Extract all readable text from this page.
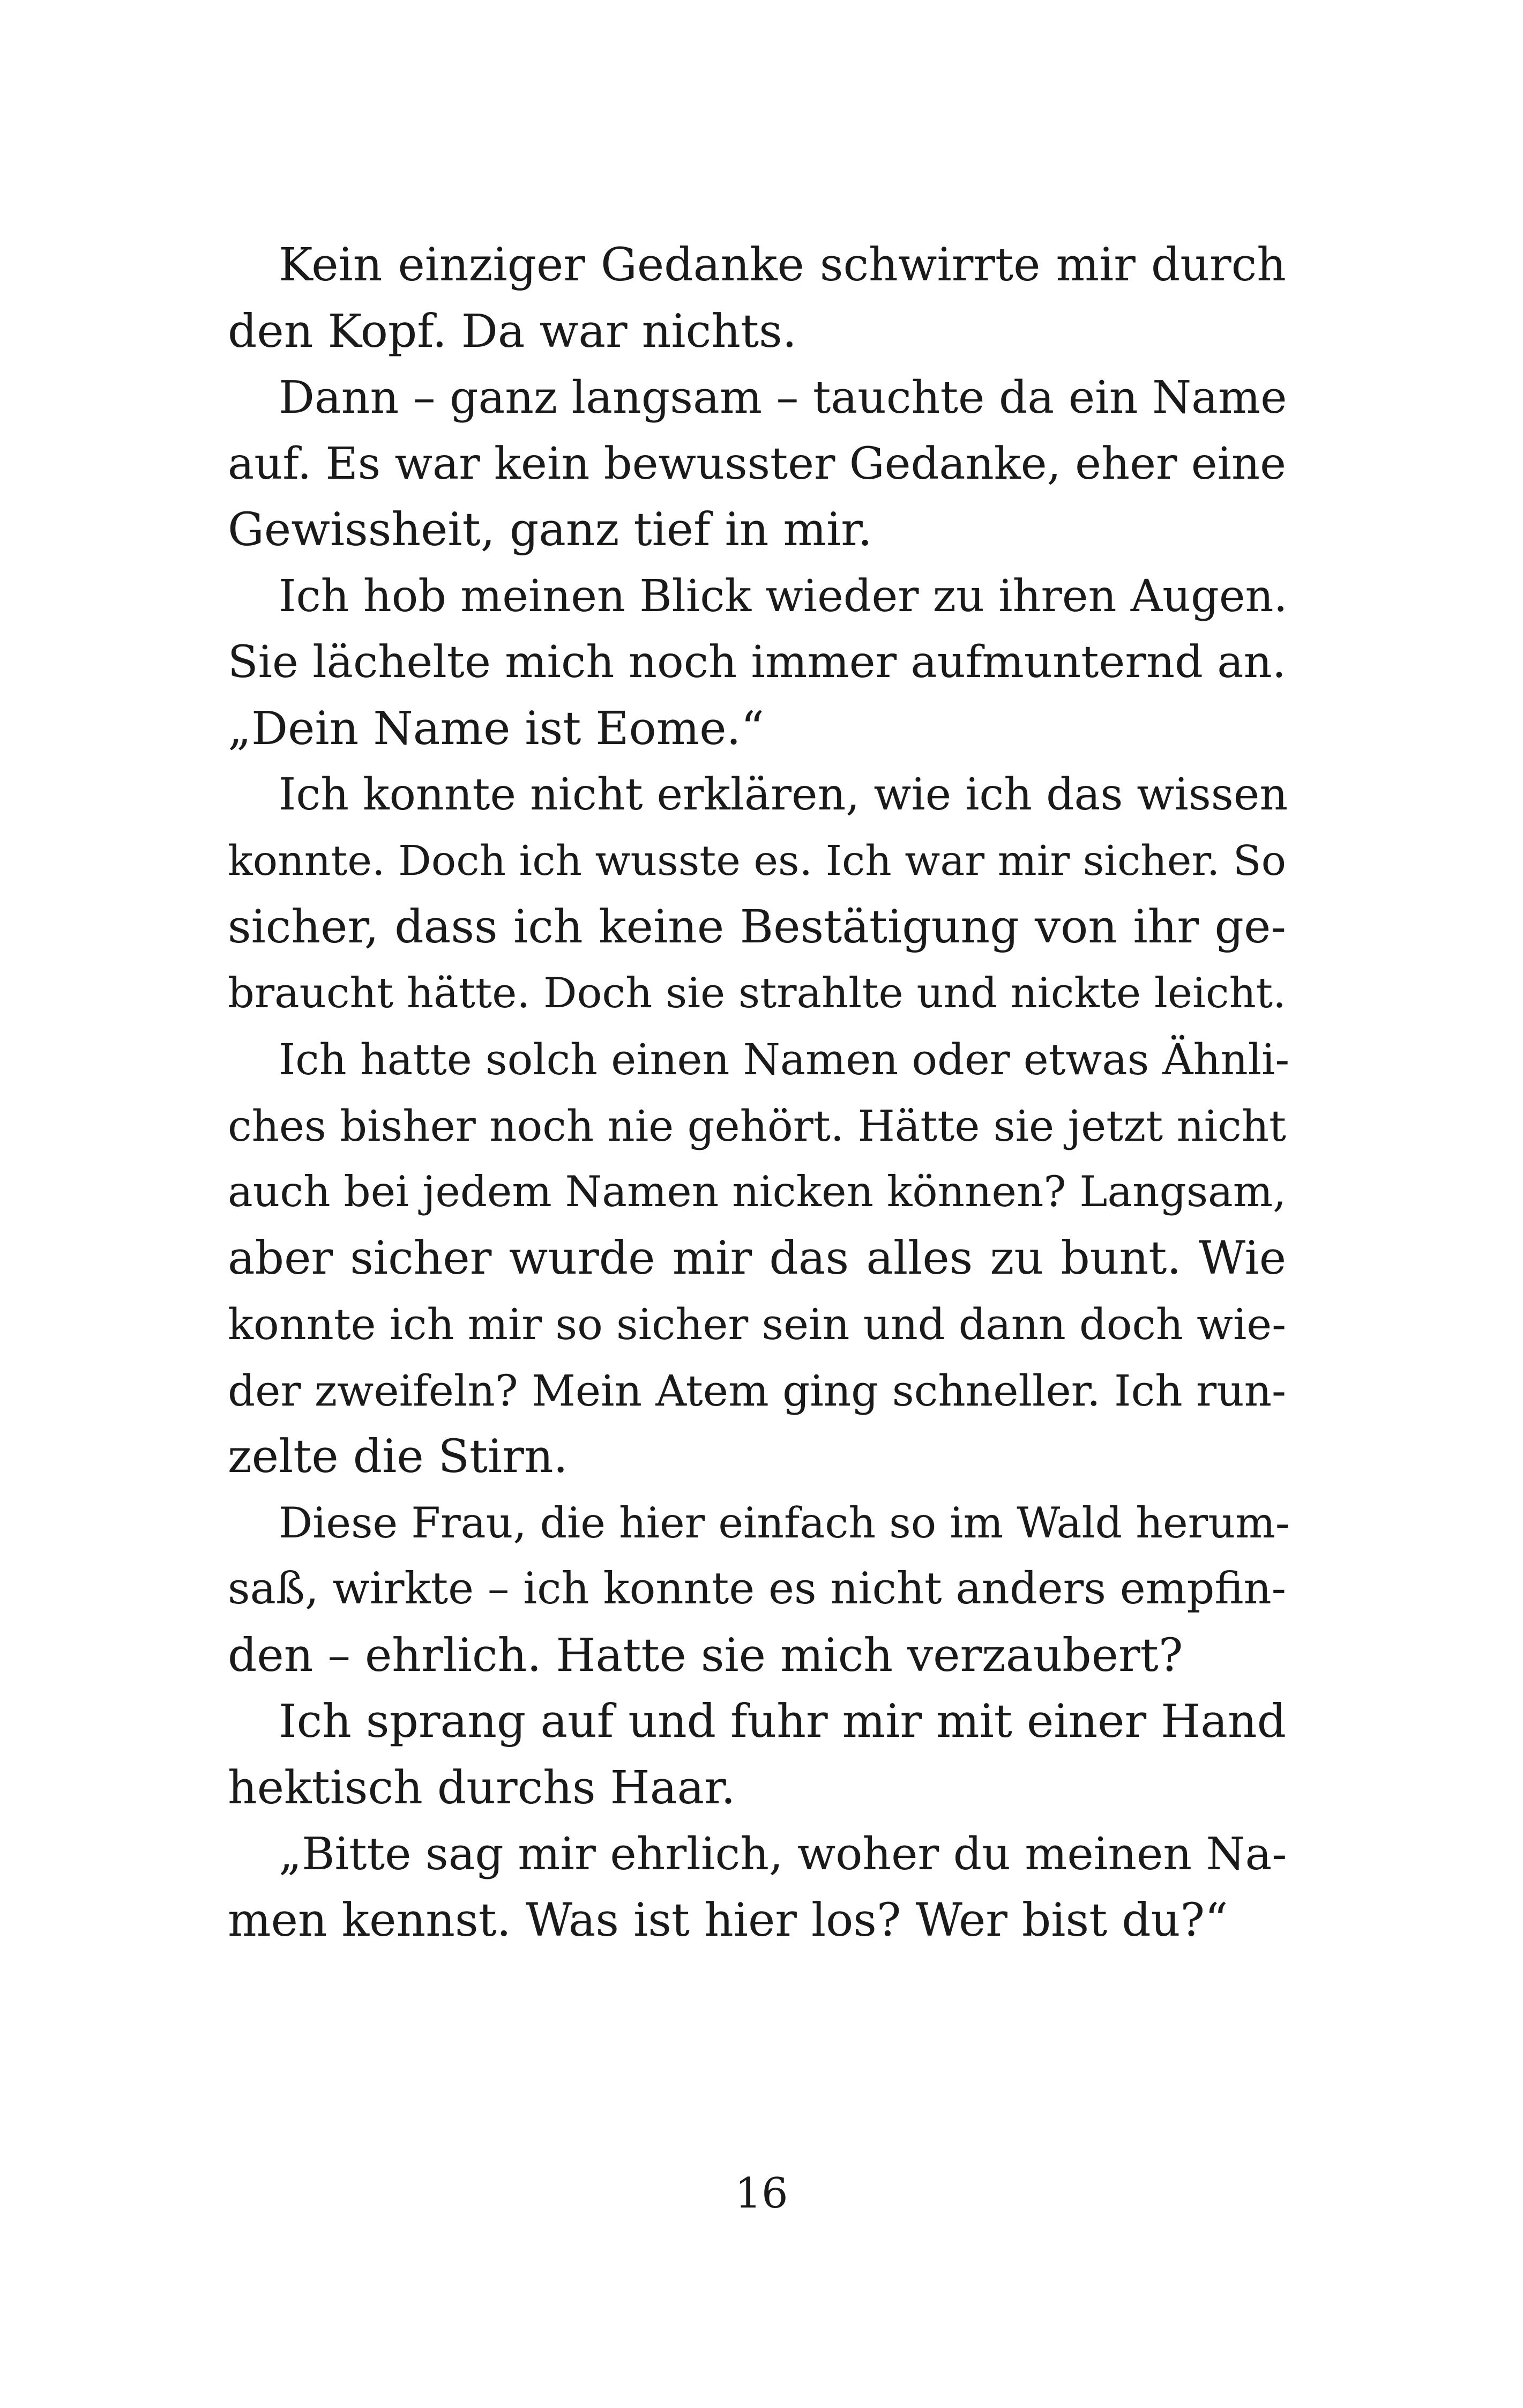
Kein einziger Gedanke schwirrte mir durch
den Kopf. Da war nichts.
Dann – ganz langsam – tauchte da ein Name
auf. Es war kein bewusster Gedanke, eher eine
Gewissheit, ganz tief in mir.
Ich hob meinen Blick wieder zu ihren Augen.
Sie lächelte mich noch immer aufmunternd an.
„Dein Name ist Eome.“
Ich konnte nicht erklären, wie ich das wissen
konnte. Doch ich wusste es. Ich war mir sicher. So
sicher, dass ich keine Bestätigung von ihr ge-
braucht hätte. Doch sie strahlte und nickte leicht.
Ich hatte solch einen Namen oder etwas Ähnli-
ches bisher noch nie gehört. Hätte sie jetzt nicht
auch bei jedem Namen nicken können? Langsam,
aber sicher wurde mir das alles zu bunt. Wie
konnte ich mir so sicher sein und dann doch wie-
der zweifeln? Mein Atem ging schneller. Ich run-
zelte die Stirn.
Diese Frau, die hier einfach so im Wald herum-
saß, wirkte – ich konnte es nicht anders empfin-
den – ehrlich. Hatte sie mich verzaubert?
Ich sprang auf und fuhr mir mit einer Hand
hektisch durchs Haar.
„Bitte sag mir ehrlich, woher du meinen Na-
men kennst. Was ist hier los? Wer bist du?“
16
